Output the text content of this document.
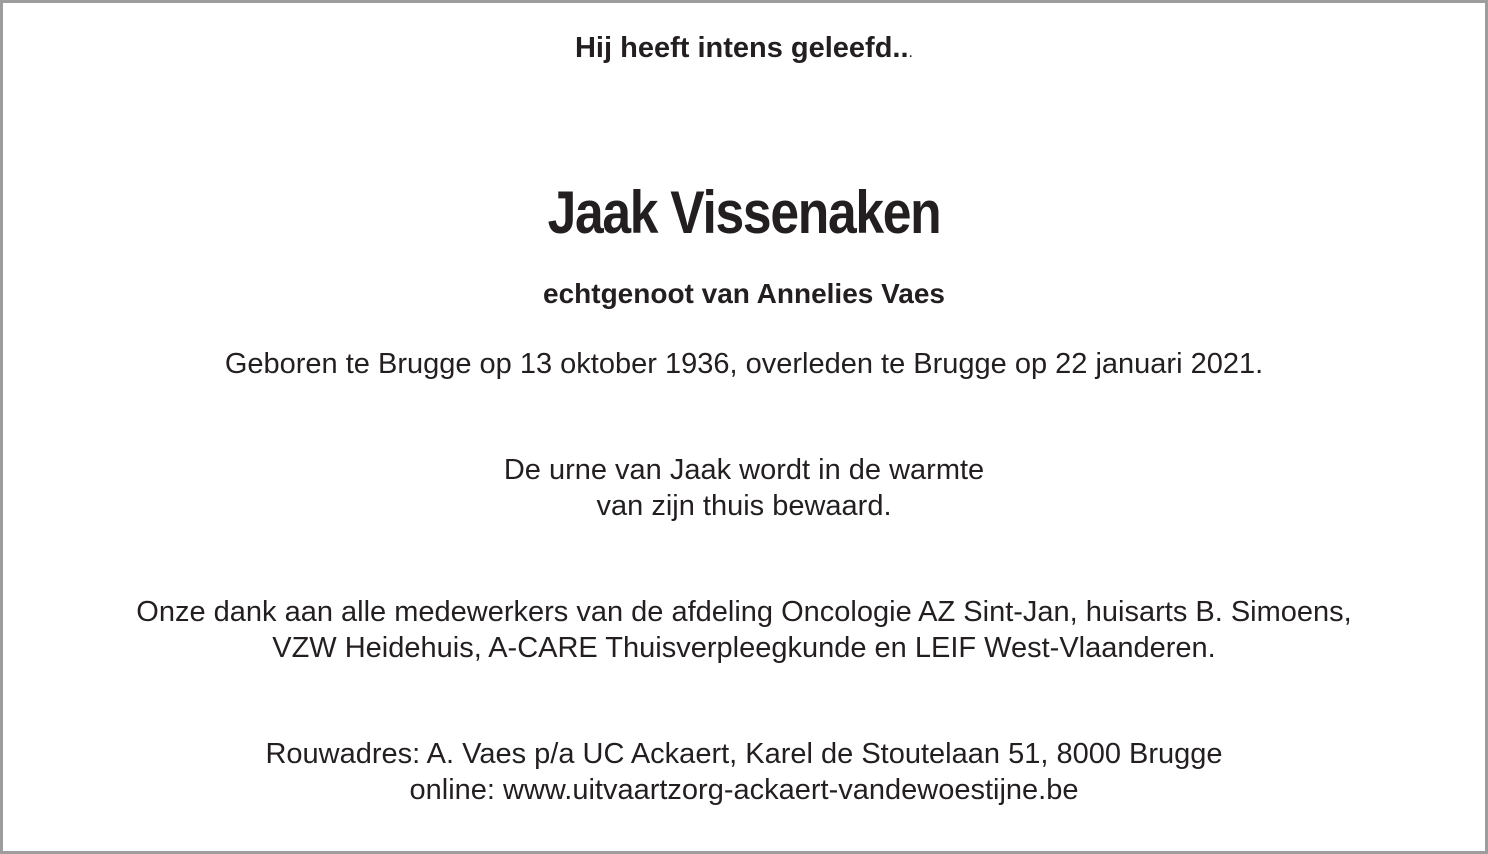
Hij heeft intens geleefd...
Jaak Vissenaken
echtgenoot van Annelies Vaes
Geboren te Brugge op 13 oktober 1936, overleden te Brugge op 22 januari 2021.
De urne van Jaak wordt in de warmte
van zijn thuis bewaard.
Onze dank aan alle medewerkers van de afdeling Oncologie AZ Sint-Jan, huisarts B. Simoens,
VZW Heidehuis, A-CARE Thuisverpleegkunde en LEIF West-Vlaanderen.
Rouwadres: A. Vaes p/a UC Ackaert, Karel de Stoutelaan 51, 8000 Brugge
online: www.uitvaartzorg-ackaert-vandewoestijne.be
